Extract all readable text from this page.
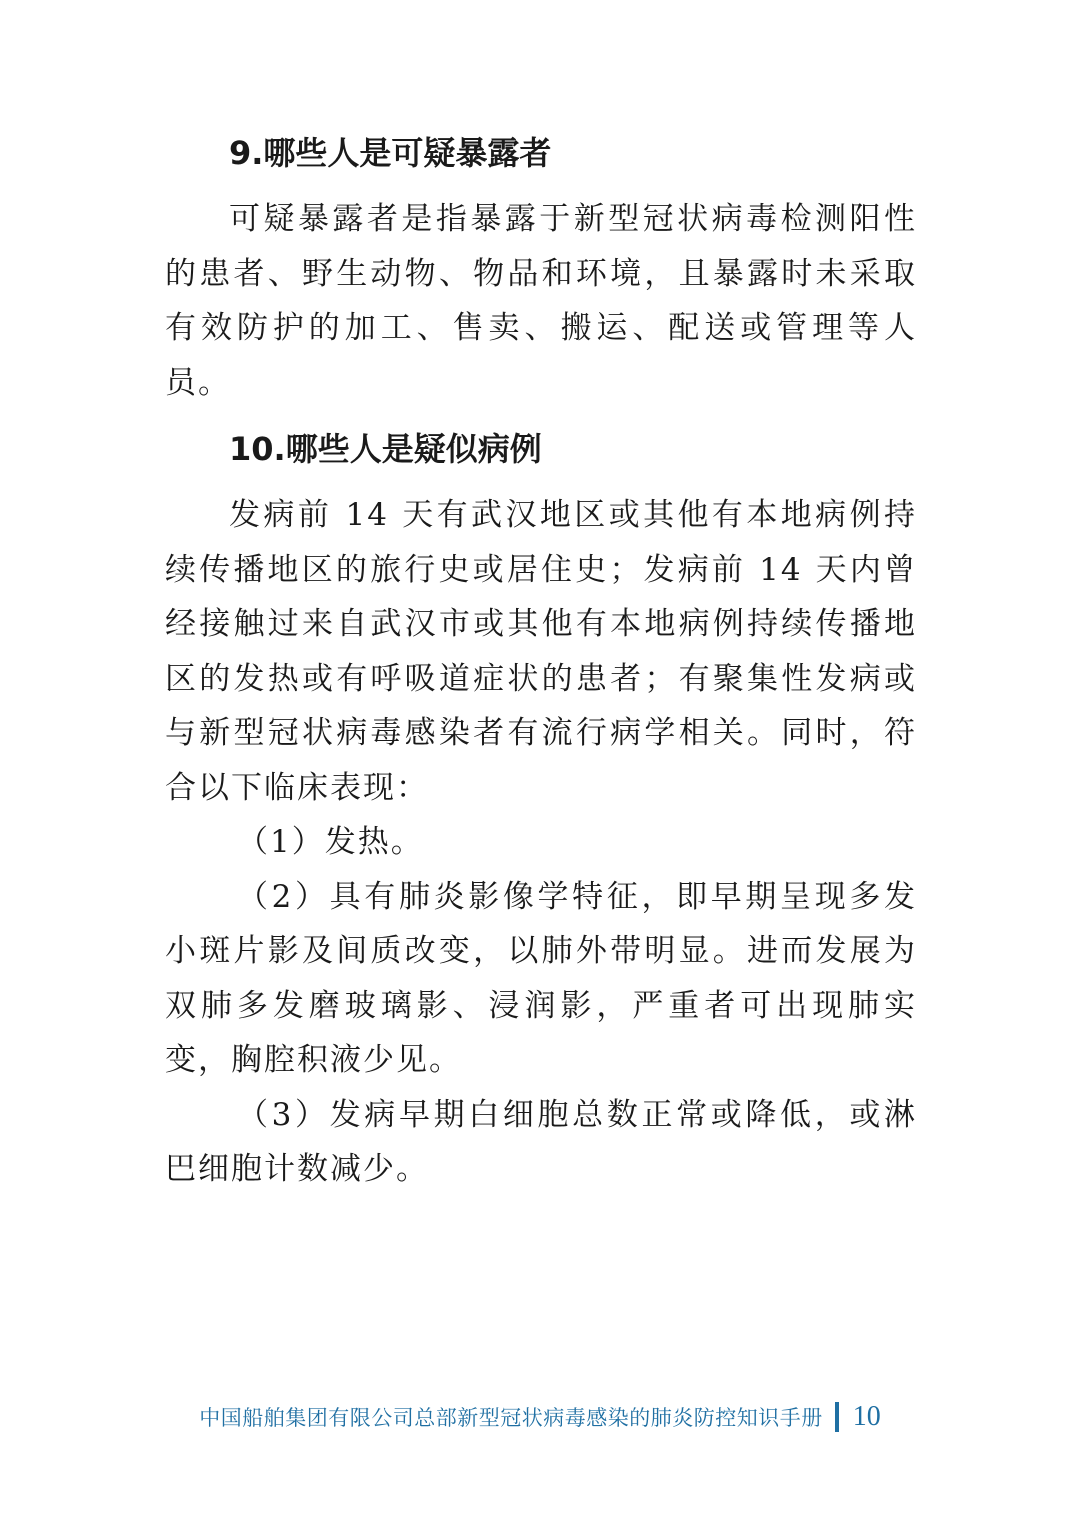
9.哪些人是可疑暴露者

可疑暴露者是指暴露于新型冠状病毒检测阳性的患者、野生动物、物品和环境，且暴露时未采取有效防护的加工、售卖、搬运、配送或管理等人员。

10.哪些人是疑似病例

发病前 14 天有武汉地区或其他有本地病例持续传播地区的旅行史或居住史；发病前 14 天内曾经接触过来自武汉市或其他有本地病例持续传播地区的发热或有呼吸道症状的患者；有聚集性发病或与新型冠状病毒感染者有流行病学相关。同时，符合以下临床表现：

（1）发热。

（2）具有肺炎影像学特征，即早期呈现多发小斑片影及间质改变，以肺外带明显。进而发展为双肺多发磨玻璃影、浸润影，严重者可出现肺实变，胸腔积液少见。

（3）发病早期白细胞总数正常或降低，或淋巴细胞计数减少。

中国船舶集团有限公司总部新型冠状病毒感染的肺炎防控知识手册 10
